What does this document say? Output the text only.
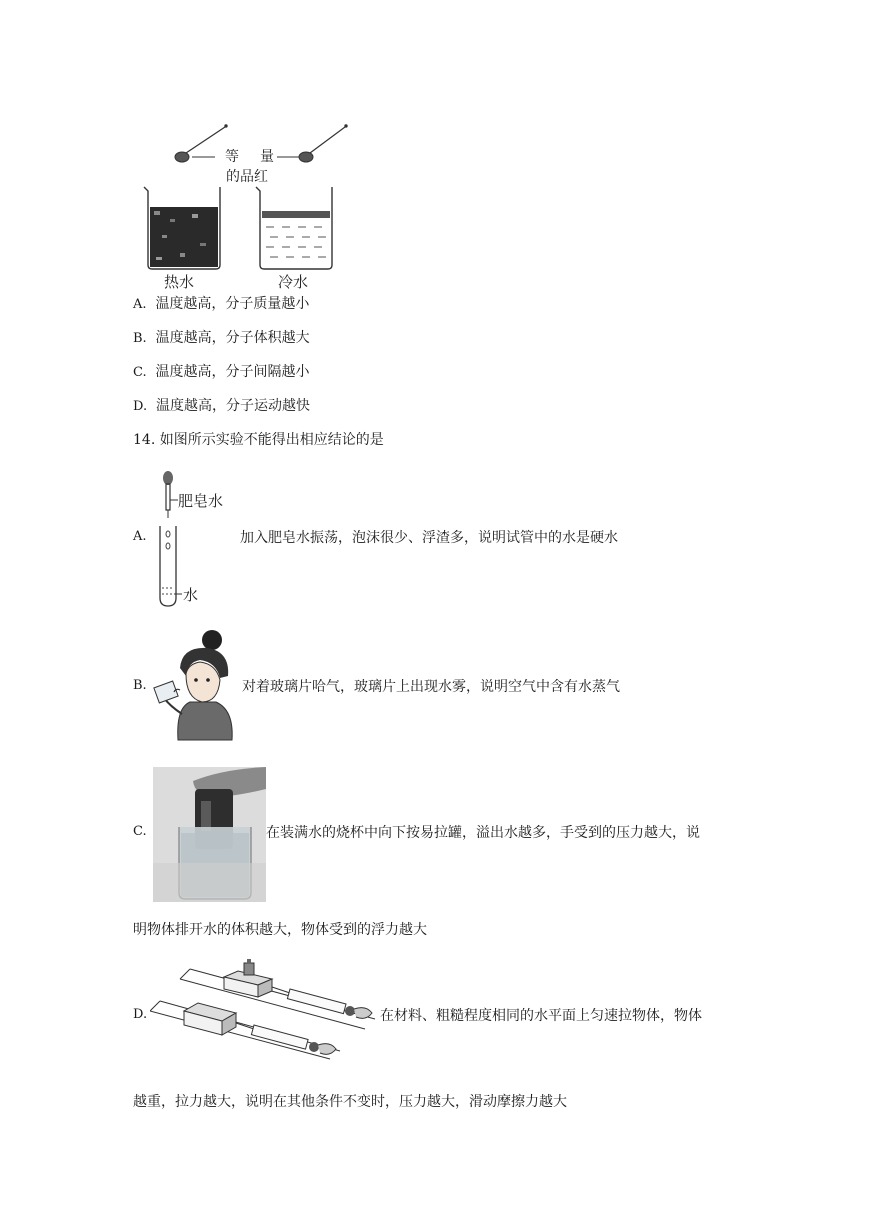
等 量
的品红
热水	冷水
A. 温度越高，分子质量越小
B. 温度越高，分子体积越大
C. 温度越高，分子间隔越小
D. 温度越高，分子运动越快
14. 如图所示实验不能得出相应结论的是
A.
肥皂水
水
加入肥皂水振荡，泡沫很少、浮渣多，说明试管中的水是硬水
B.	对着玻璃片哈气，玻璃片上出现水雾，说明空气中含有水蒸气
C.	在装满水的烧杯中向下按易拉罐，溢出水越多，手受到的压力越大，说
明物体排开水的体积越大，物体受到的浮力越大
D.	在材料、粗糙程度相同的水平面上匀速拉物体，物体
越重，拉力越大，说明在其他条件不变时，压力越大，滑动摩擦力越大
